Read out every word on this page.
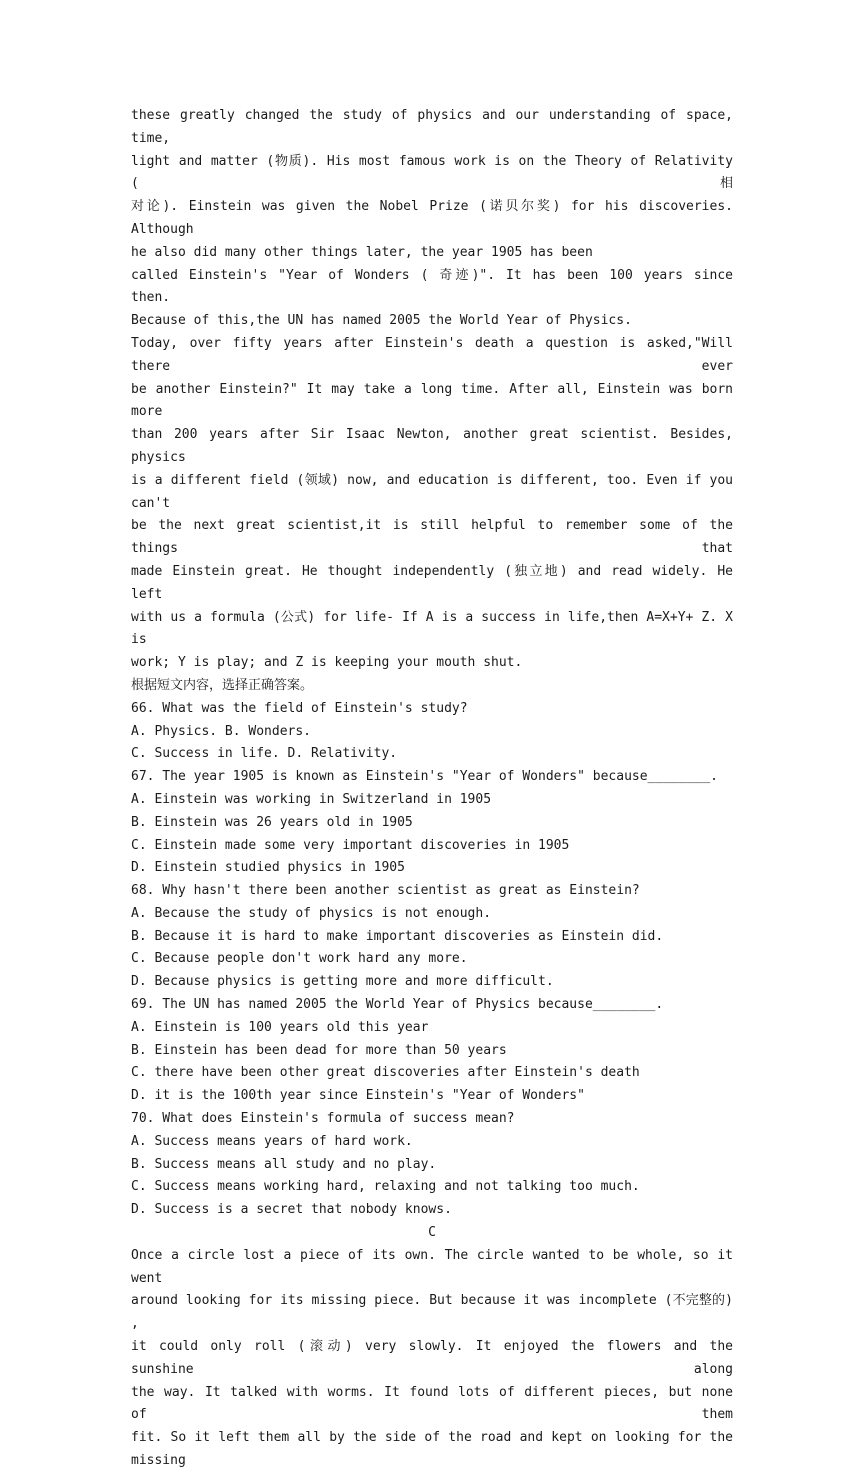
these greatly changed the study of physics and our understanding of space, time,
light and matter (物质). His most famous work is on the Theory of Relativity (相
对论). Einstein was given the Nobel Prize (诺贝尔奖) for his discoveries. Although
he also did many other things later, the year 1905 has been
called Einstein's "Year of Wonders ( 奇迹)". It has been 100 years since then.
Because of this,the UN has named 2005 the World Year of Physics.
Today, over fifty years after Einstein's death a question is asked,"Will there ever
be another Einstein?" It may take a long time. After all, Einstein was born more
than 200 years after Sir Isaac Newton, another great scientist. Besides, physics
is a different field (领域) now, and education is different, too. Even if you can't
be the next great scientist,it is still helpful to remember some of the things that
made Einstein great. He thought independently (独立地) and read widely. He left
with us a formula (公式) for life- If A is a success in life,then A=X+Y+ Z. X is
work; Y is play; and Z is keeping your mouth shut.
根据短文内容，选择正确答案。
66. What was the field of Einstein's study?
A. Physics. B. Wonders.
C. Success in life. D. Relativity.
67. The year 1905 is known as Einstein's "Year of Wonders" because________.
A. Einstein was working in Switzerland in 1905
B. Einstein was 26 years old in 1905
C. Einstein made some very important discoveries in 1905
D. Einstein studied physics in 1905
68. Why hasn't there been another scientist as great as Einstein?
A. Because the study of physics is not enough.
B. Because it is hard to make important discoveries as Einstein did.
C. Because people don't work hard any more.
D. Because physics is getting more and more difficult.
69. The UN has named 2005 the World Year of Physics because________.
A. Einstein is 100 years old this year
B. Einstein has been dead for more than 50 years
C. there have been other great discoveries after Einstein's death
D. it is the 100th year since Einstein's "Year of Wonders"
70. What does Einstein's formula of success mean?
A. Success means years of hard work.
B. Success means all study and no play.
C. Success means working hard, relaxing and not talking too much.
D. Success is a secret that nobody knows.
C
Once a circle lost a piece of its own. The circle wanted to be whole, so it went
around looking for its missing piece. But because it was incomplete (不完整的) ,
it could only roll (滚动) very slowly. It enjoyed the flowers and the sunshine along
the way. It talked with worms. It found lots of different pieces, but none of them
fit. So it left them all by the side of the road and kept on looking for the missing
